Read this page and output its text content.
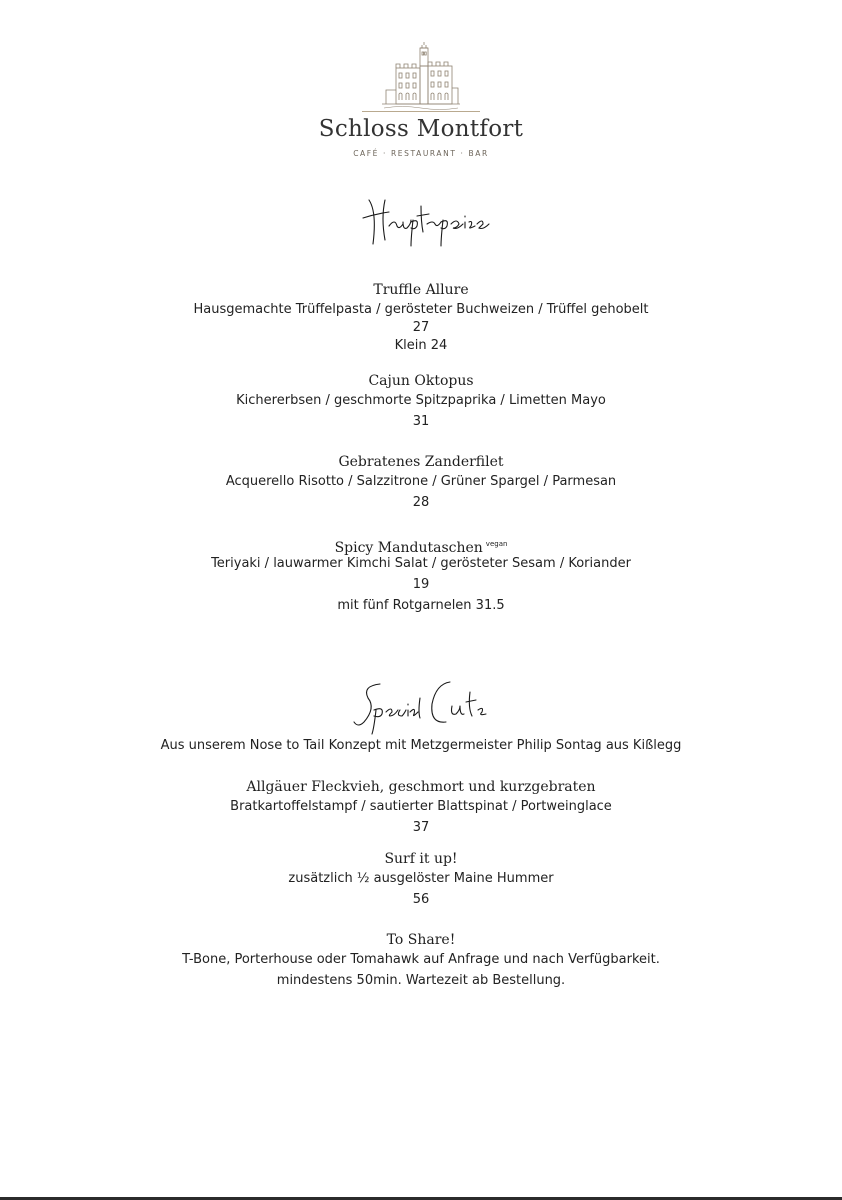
Schloss Montfort
CAFÉ · RESTAURANT · BAR
Truffle Allure
Hausgemachte Trüffelpasta / gerösteter Buchweizen / Trüffel gehobelt
27
Klein 24
Cajun Oktopus
Kichererbsen / geschmorte Spitzpaprika / Limetten Mayo
31
Gebratenes Zanderfilet
Acquerello Risotto / Salzzitrone / Grüner Spargel / Parmesan
28
Spicy Mandutaschen $^{vegan}$
Teriyaki / lauwarmer Kimchi Salat / gerösteter Sesam / Koriander
19
mit fünf Rotgarnelen 31.5
Aus unserem Nose to Tail Konzept mit Metzgermeister Philip Sontag aus Kißlegg
Allgäuer Fleckvieh, geschmort und kurzgebraten
Bratkartoffelstampf / sautierter Blattspinat / Portweinglace
37
Surf it up!
zusätzlich ½ ausgelöster Maine Hummer
56
To Share!
T-Bone, Porterhouse oder Tomahawk auf Anfrage und nach Verfügbarkeit.
mindestens 50min. Wartezeit ab Bestellung.
